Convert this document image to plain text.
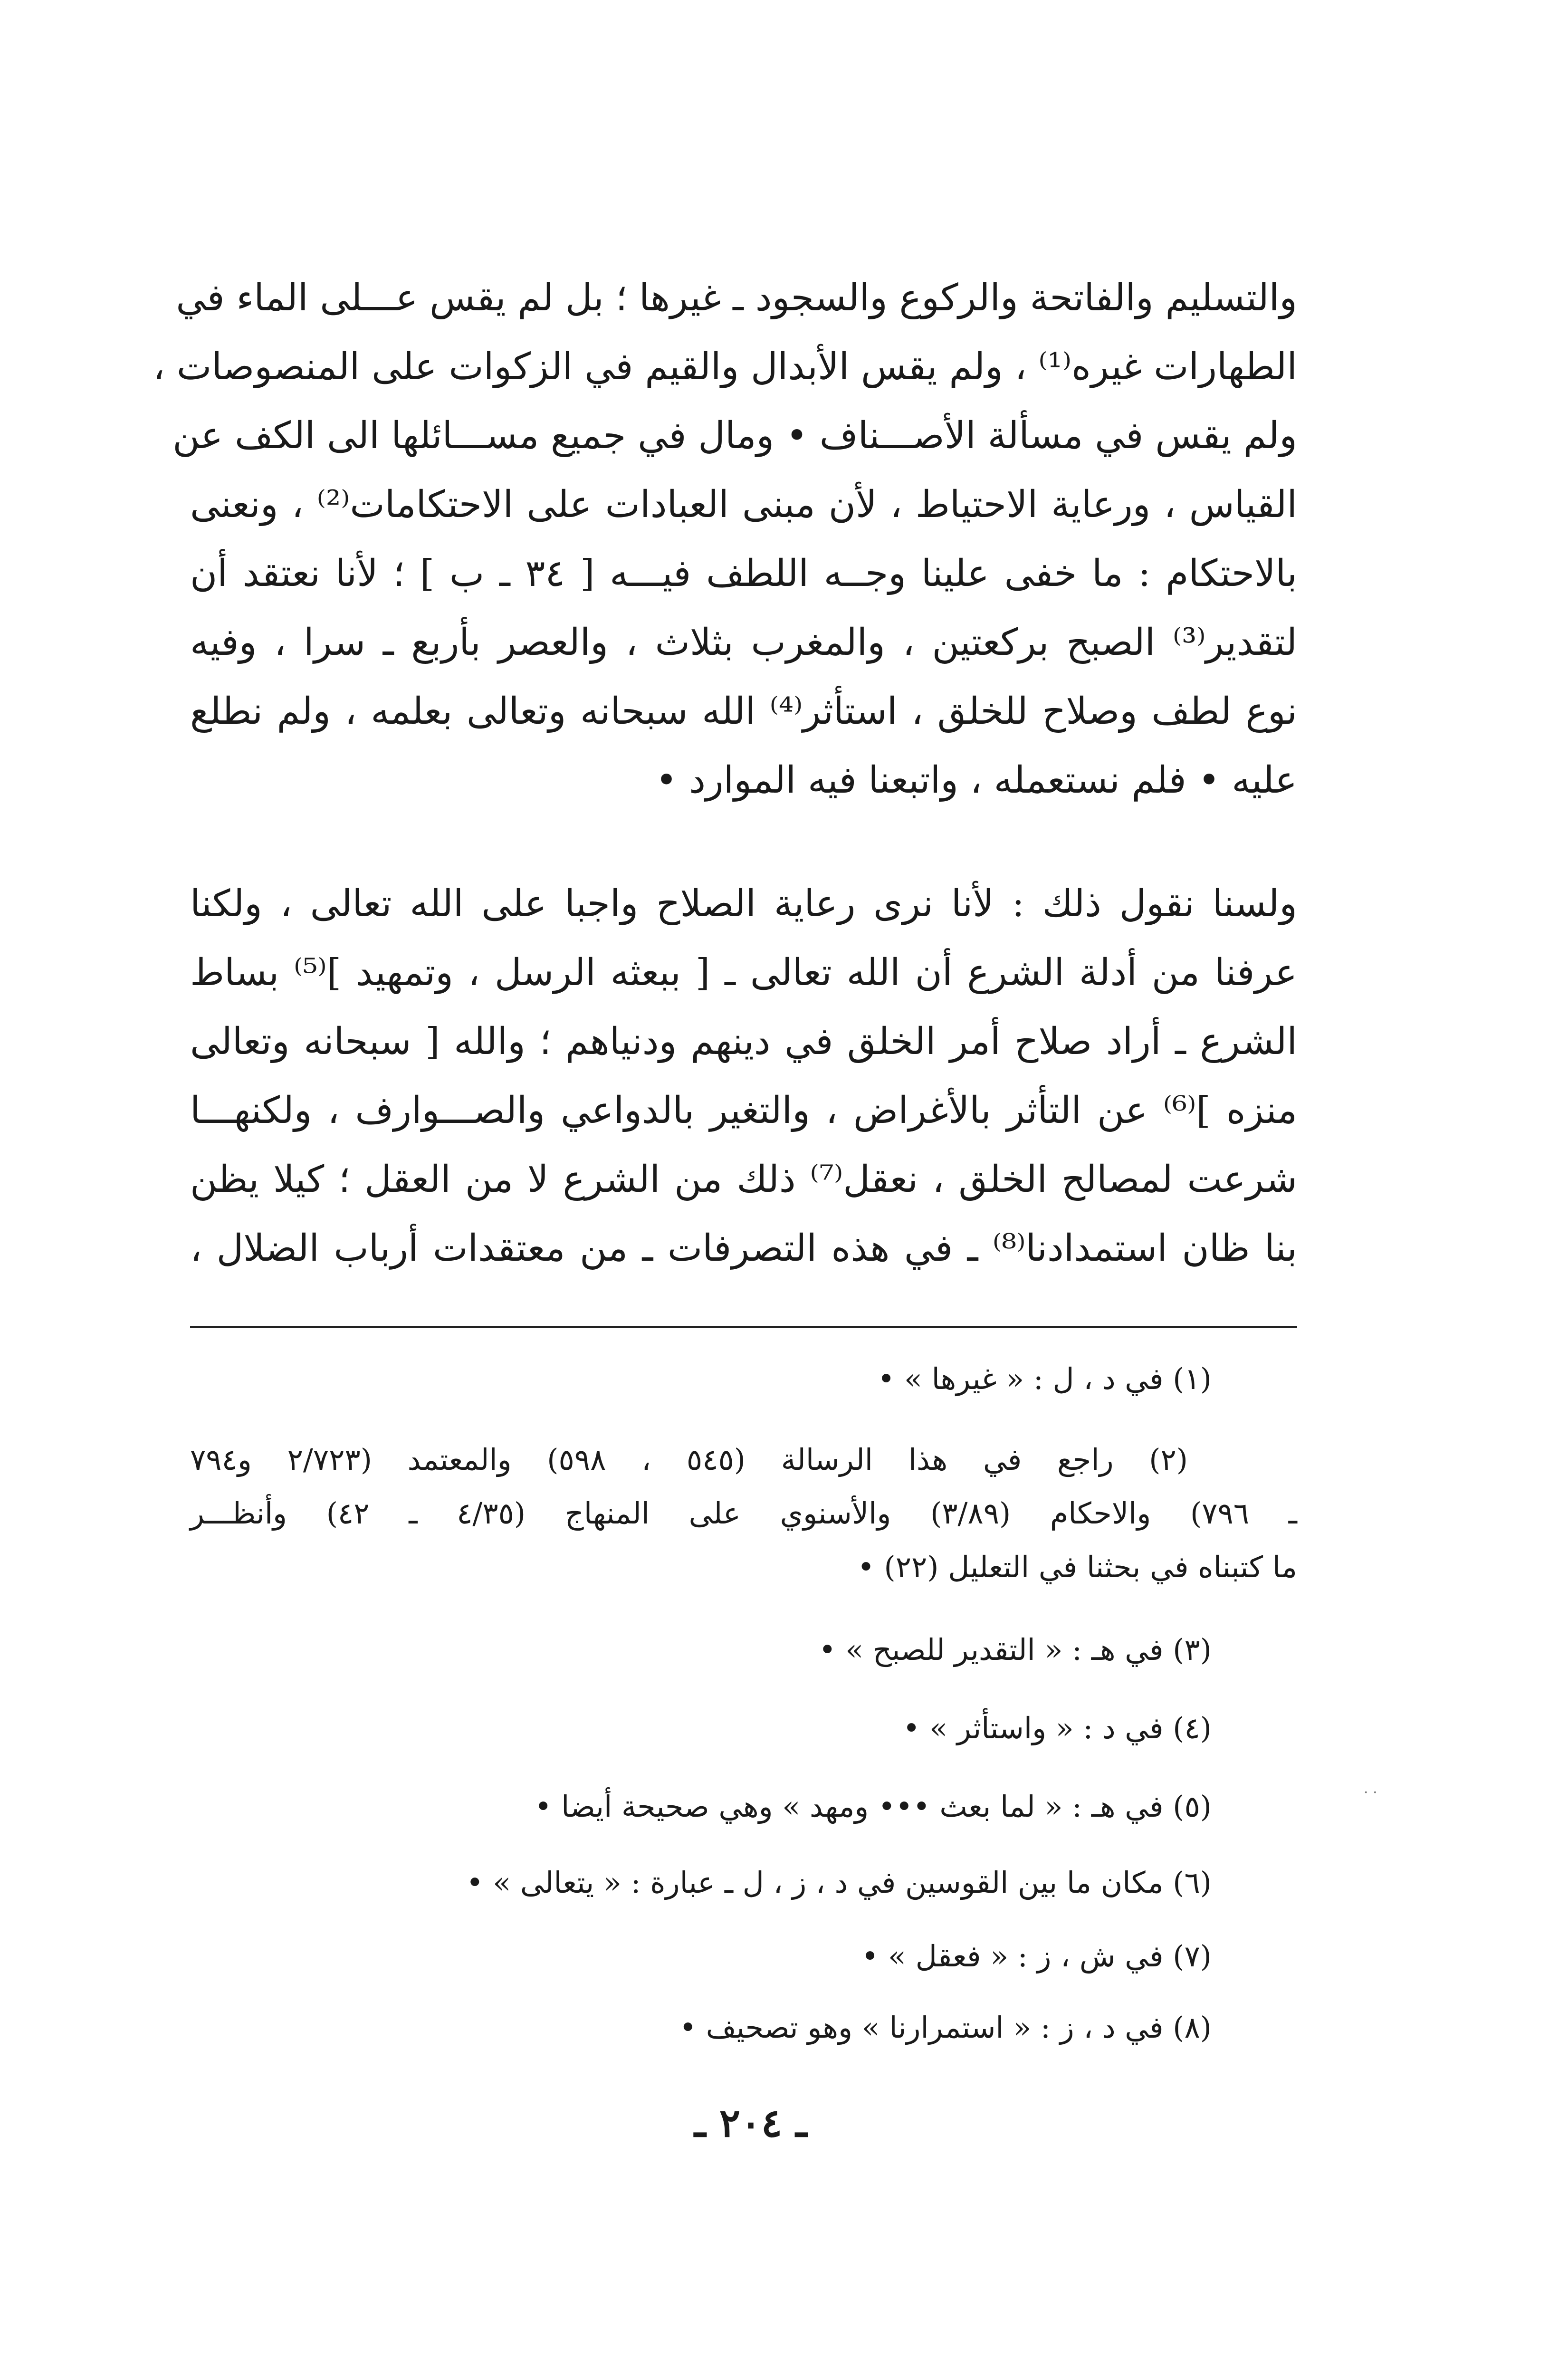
والتسليم والفاتحة والركوع والسجود ـ غيرها ؛ بل لم يقس عـــلى الماء في
الطهارات غيره⁽¹⁾ ، ولم يقس الأبدال والقيم في الزكوات على المنصوصات ،
ولم يقس في مسألة الأصـــناف • ومال في جميع مســـائلها الى الكف عن
القياس ، ورعاية الاحتياط ، لأن مبنى العبادات على الاحتكامات⁽²⁾ ، ونعنى
بالاحتكام : ما خفى علينا وجــه اللطف فيـــه [ ٣٤ ـ ب ] ؛ لأنا نعتقد أن
لتقدير⁽³⁾ الصبح بركعتين ، والمغرب بثلاث ، والعصر بأربع ـ سرا ، وفيه
نوع لطف وصلاح للخلق ، استأثر⁽⁴⁾ الله سبحانه وتعالى بعلمه ، ولم نطلع
عليه • فلم نستعمله ، واتبعنا فيه الموارد •
ولسنا نقول ذلك : لأنا نرى رعاية الصلاح واجبا على الله تعالى ، ولكنا
عرفنا من أدلة الشرع أن الله تعالى ـ [ ببعثه الرسل ، وتمهيد ]⁽⁵⁾ بساط
الشرع ـ أراد صلاح أمر الخلق في دينهم ودنياهم ؛ والله [ سبحانه وتعالى
منزه ]⁽⁶⁾ عن التأثر بالأغراض ، والتغير بالدواعي والصـــوارف ، ولكنهـــا
شرعت لمصالح الخلق ، نعقل⁽⁷⁾ ذلك من الشرع لا من العقل ؛ كيلا يظن
بنا ظان استمدادنا⁽⁸⁾ ـ في هذه التصرفات ـ من معتقدات أرباب الضلال ،
(١) في د ، ل : « غيرها » •
(٢) راجع في هذا الرسالة (٥٤٥ ، ٥٩٨) والمعتمد (٢/٧٢٣ و٧٩٤
ـ ٧٩٦) والاحكام (٣/٨٩) والأسنوي على المنهاج (٤/٣٥ ـ ٤٢) وأنظـــر
ما كتبناه في بحثنا في التعليل (٢٢) •
(٣) في هـ : « التقدير للصبح » •
(٤) في د : « واستأثر » •
(٥) في هـ : « لما بعث ••• ومهد » وهي صحيحة أيضا •
(٦) مكان ما بين القوسين في د ، ز ، ل ـ عبارة : « يتعالى » •
(٧) في ش ، ز : « فعقل » •
(٨) في د ، ز : « استمرارنا » وهو تصحيف •
ـ ٢٠٤ ـ
· ·
